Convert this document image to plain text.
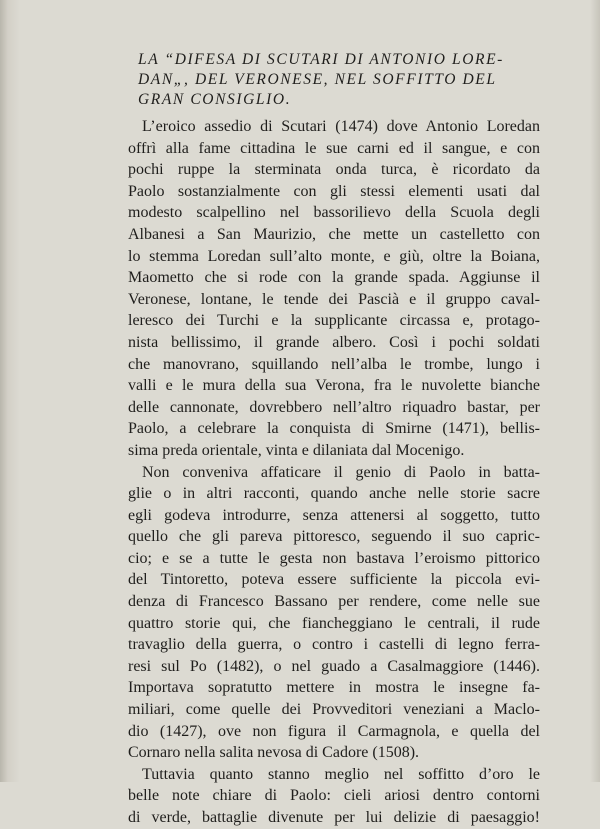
LA “DIFESA DI SCUTARI DI ANTONIO LORE-
DAN„, DEL VERONESE, NEL SOFFITTO DEL
GRAN CONSIGLIO.
L’eroico assedio di Scutari (1474) dove Antonio Loredan
offrì alla fame cittadina le sue carni ed il sangue, e con
pochi ruppe la sterminata onda turca, è ricordato da
Paolo sostanzialmente con gli stessi elementi usati dal
modesto scalpellino nel bassorilievo della Scuola degli
Albanesi a San Maurizio, che mette un castelletto con
lo stemma Loredan sull’alto monte, e giù, oltre la Boiana,
Maometto che si rode con la grande spada. Aggiunse il
Veronese, lontane, le tende dei Pascià e il gruppo caval-
leresco dei Turchi e la supplicante circassa e, protago-
nista bellissimo, il grande albero. Così i pochi soldati
che manovrano, squillando nell’alba le trombe, lungo i
valli e le mura della sua Verona, fra le nuvolette bianche
delle cannonate, dovrebbero nell’altro riquadro bastar, per
Paolo, a celebrare la conquista di Smirne (1471), bellis-
sima preda orientale, vinta e dilaniata dal Mocenigo.
Non conveniva affaticare il genio di Paolo in batta-
glie o in altri racconti, quando anche nelle storie sacre
egli godeva introdurre, senza attenersi al soggetto, tutto
quello che gli pareva pittoresco, seguendo il suo capric-
cio; e se a tutte le gesta non bastava l’eroismo pittorico
del Tintoretto, poteva essere sufficiente la piccola evi-
denza di Francesco Bassano per rendere, come nelle sue
quattro storie qui, che fiancheggiano le centrali, il rude
travaglio della guerra, o contro i castelli di legno ferra-
resi sul Po (1482), o nel guado a Casalmaggiore (1446).
Importava sopratutto mettere in mostra le insegne fa-
miliari, come quelle dei Provveditori veneziani a Maclo-
dio (1427), ove non figura il Carmagnola, e quella del
Cornaro nella salita nevosa di Cadore (1508).
Tuttavia quanto stanno meglio nel soffitto d’oro le
belle note chiare di Paolo: cieli ariosi dentro contorni
di verde, battaglie divenute per lui delizie di paesaggio!
